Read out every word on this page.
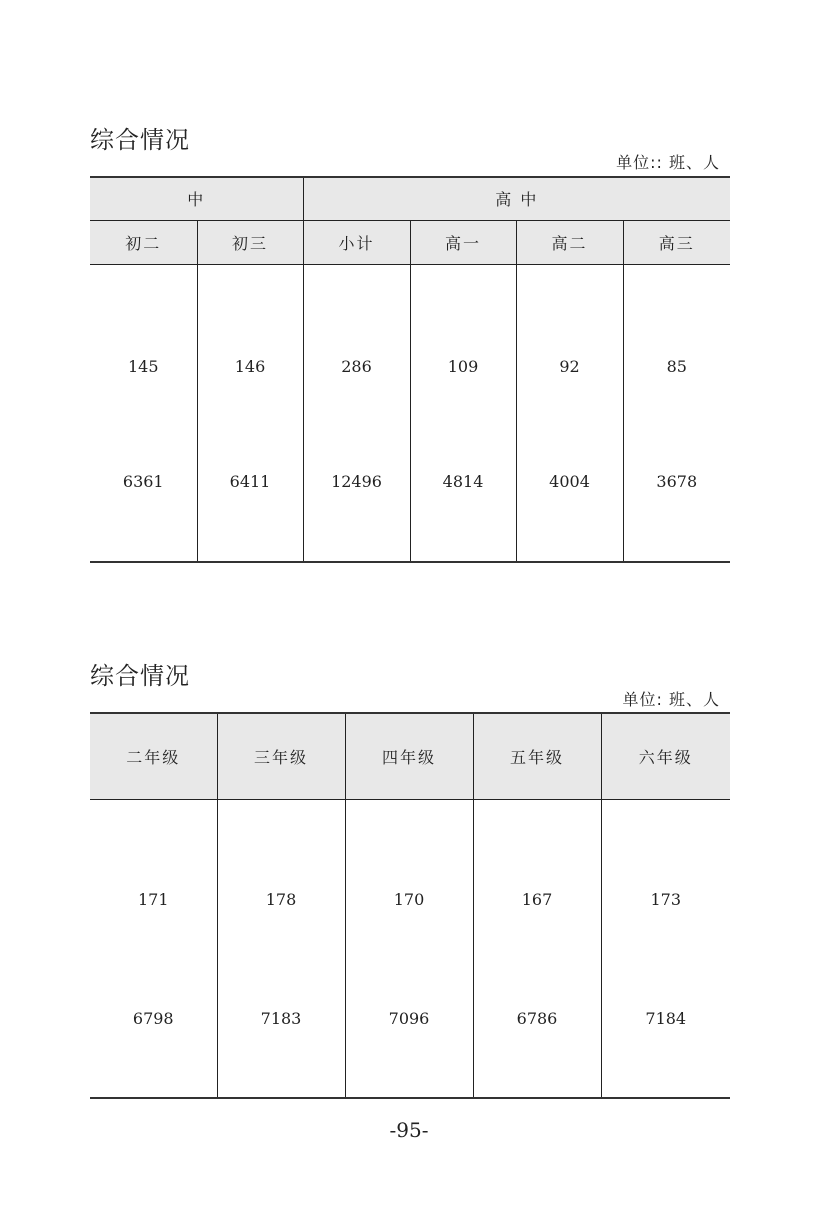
综合情况
单位:: 班、人
中		高 中			
初二	初三	小计	高一	高二	高三
145	146	286	109	92	85
6361	6411	12496	4814	4004	3678
综合情况
单位: 班、人
二年级	三年级	四年级	五年级	六年级
171	178	170	167	173
6798	7183	7096	6786	7184
-95-
